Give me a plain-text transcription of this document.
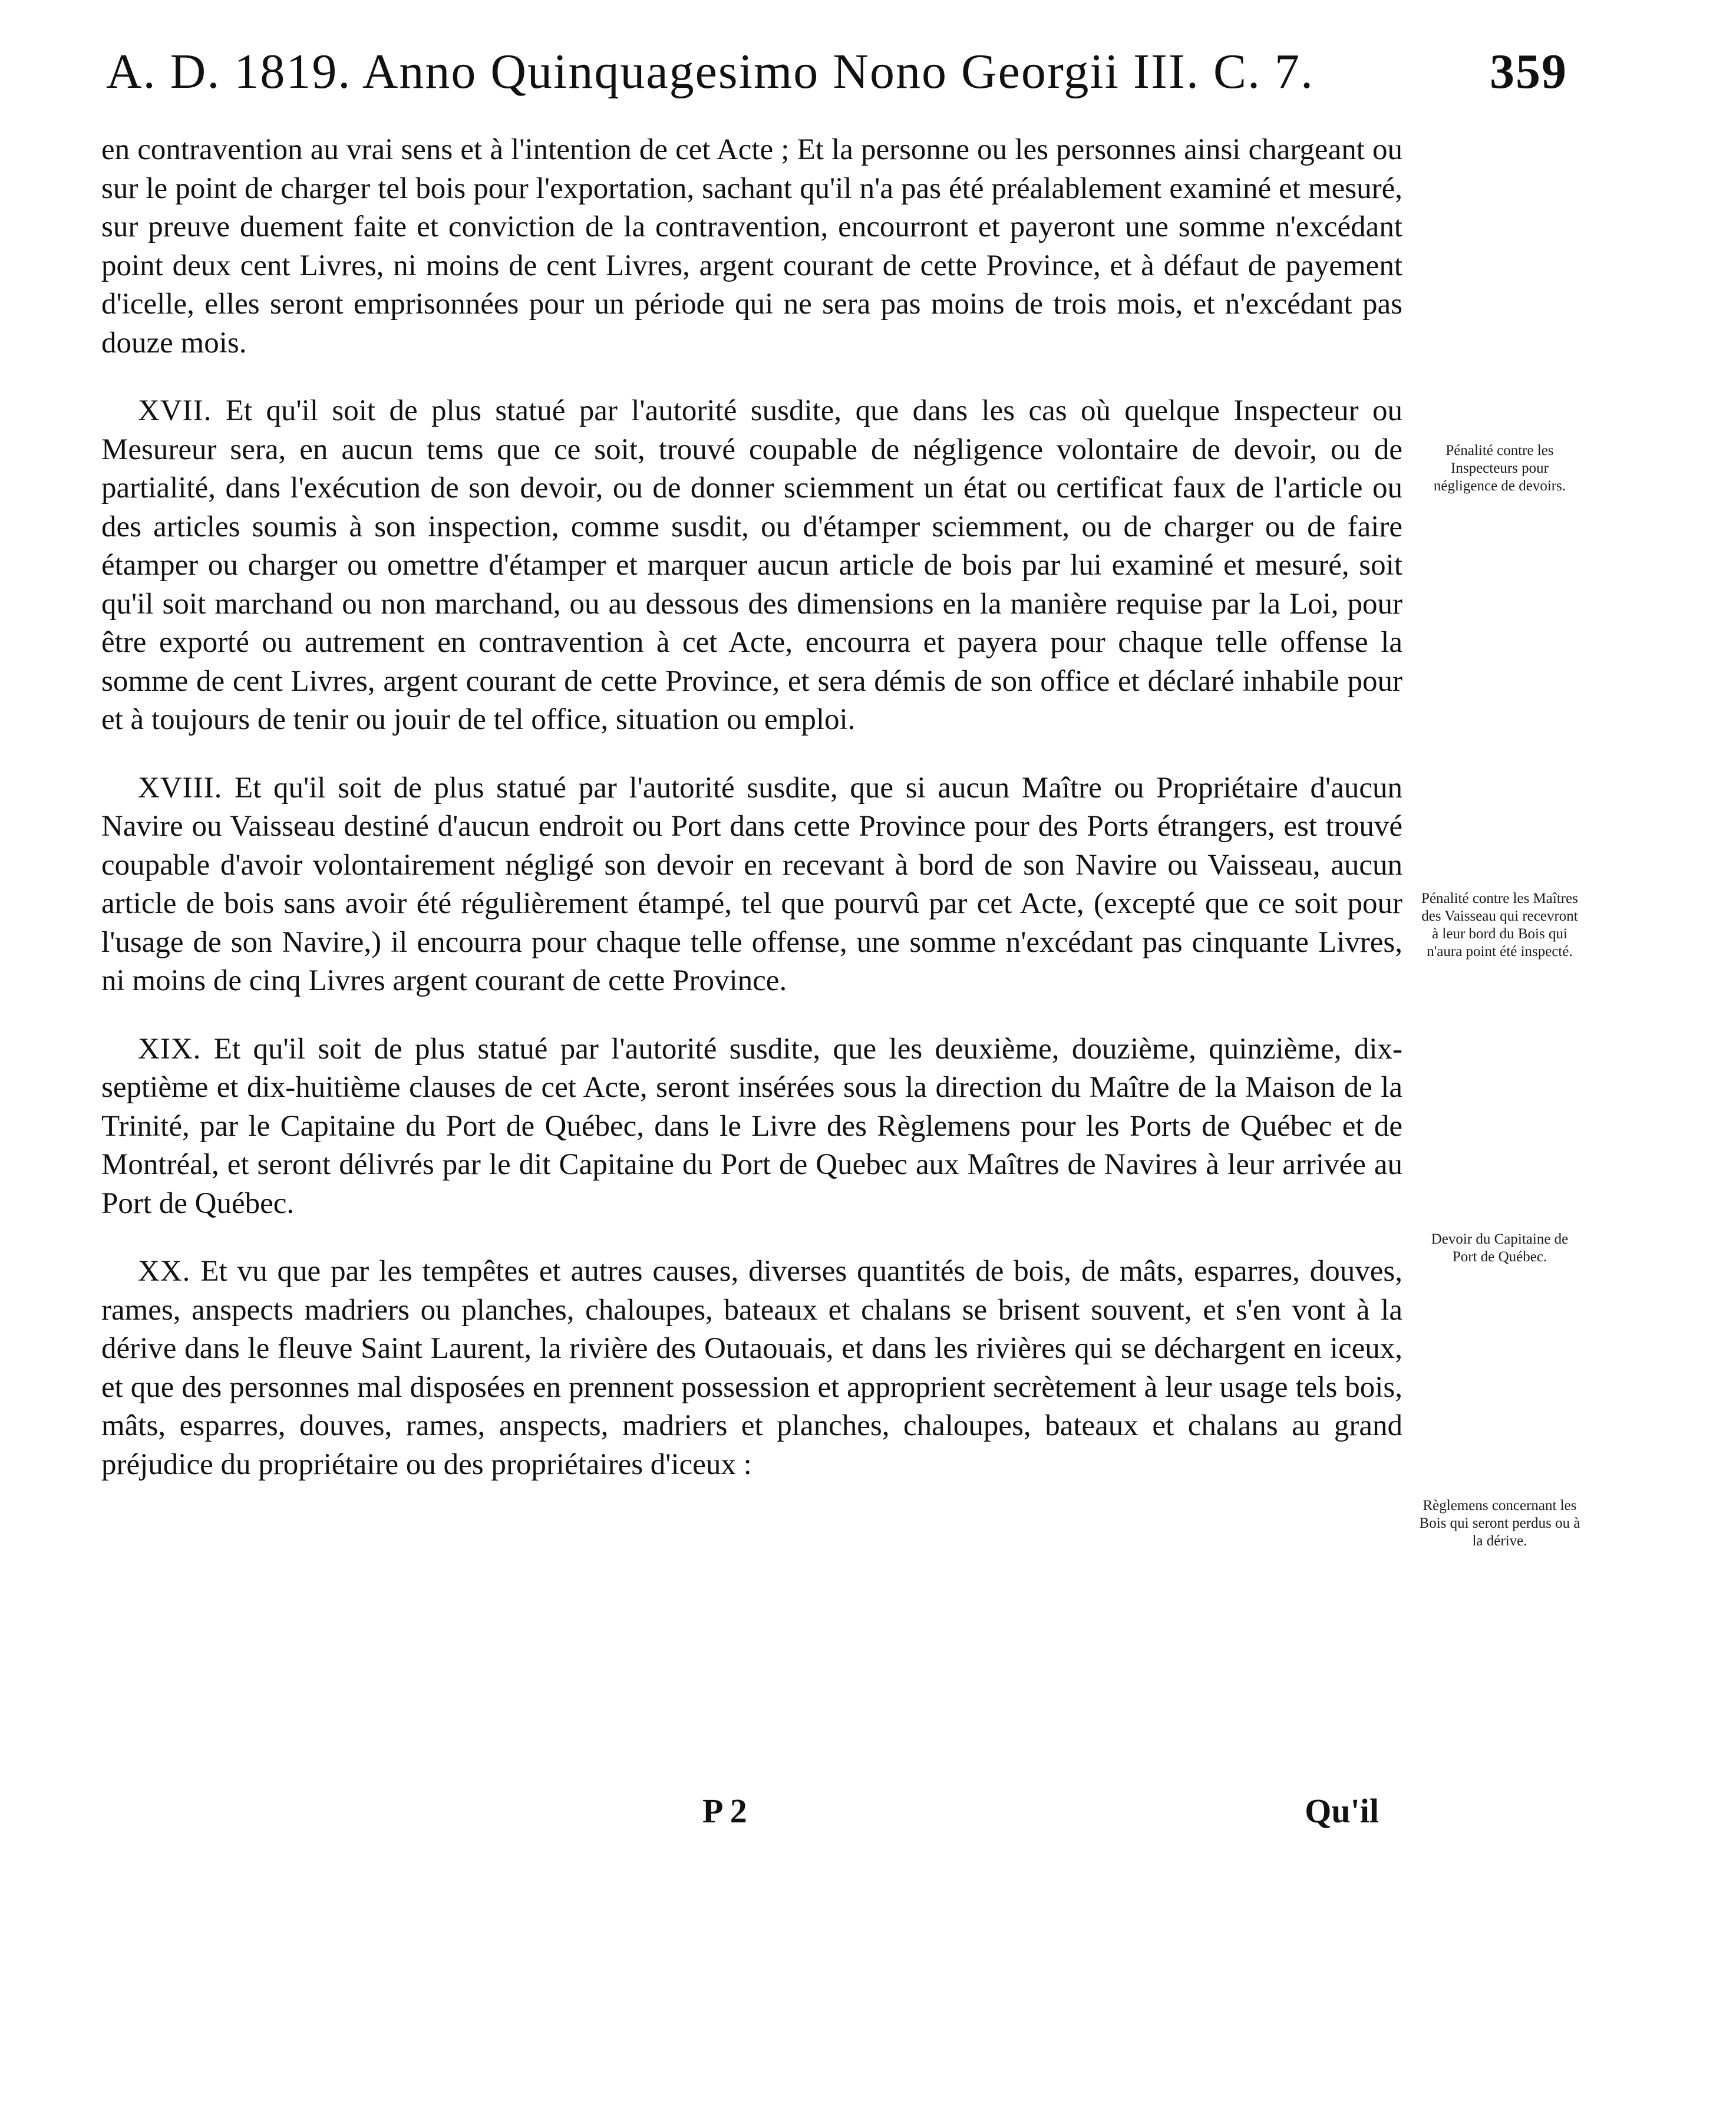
A. D. 1819. Anno Quinquagesimo Nono Georgii III. C. 7.	359

en contravention au vrai sens et à l'intention de cet Acte ; Et la personne ou les personnes ainsi chargeant ou sur le point de charger tel bois pour l'exportation, sachant qu'il n'a pas été préalablement examiné et mesuré, sur preuve duement faite et conviction de la contravention, encourront et payeront une somme n'excédant point deux cent Livres, ni moins de cent Livres, argent courant de cette Province, et à défaut de payement d'icelle, elles seront emprisonnées pour un période qui ne sera pas moins de trois mois, et n'excédant pas douze mois.

XVII. Et qu'il soit de plus statué par l'autorité susdite, que dans les cas où quelque Inspecteur ou Mesureur sera, en aucun tems que ce soit, trouvé coupable de négligence volontaire de devoir, ou de partialité, dans l'exécution de son devoir, ou de donner sciemment un état ou certificat faux de l'article ou des articles soumis à son inspection, comme susdit, ou d'étamper sciemment, ou de charger ou de faire étamper ou charger ou omettre d'étamper et marquer aucun article de bois par lui examiné et mesuré, soit qu'il soit marchand ou non marchand, ou au dessous des dimensions en la manière requise par la Loi, pour être exporté ou autrement en contravention à cet Acte, encourra et payera pour chaque telle offense la somme de cent Livres, argent courant de cette Province, et sera démis de son office et déclaré inhabile pour et à toujours de tenir ou jouir de tel office, situation ou emploi.

XVIII. Et qu'il soit de plus statué par l'autorité susdite, que si aucun Maître ou Propriétaire d'aucun Navire ou Vaisseau destiné d'aucun endroit ou Port dans cette Province pour des Ports étrangers, est trouvé coupable d'avoir volontairement négligé son devoir en recevant à bord de son Navire ou Vaisseau, aucun article de bois sans avoir été régulièrement étampé, tel que pourvû par cet Acte, (excepté que ce soit pour l'usage de son Navire,) il encourra pour chaque telle offense, une somme n'excédant pas cinquante Livres, ni moins de cinq Livres argent courant de cette Province.

XIX. Et qu'il soit de plus statué par l'autorité susdite, que les deuxième, douzième, quinzième, dix-septième et dix-huitième clauses de cet Acte, seront insérées sous la direction du Maître de la Maison de la Trinité, par le Capitaine du Port de Québec, dans le Livre des Règlemens pour les Ports de Québec et de Montréal, et seront délivrés par le dit Capitaine du Port de Quebec aux Maîtres de Navires à leur arrivée au Port de Québec.

XX. Et vu que par les tempêtes et autres causes, diverses quantités de bois, de mâts, esparres, douves, rames, anspects madriers ou planches, chaloupes, bateaux et chalans se brisent souvent, et s'en vont à la dérive dans le fleuve Saint Laurent, la rivière des Outaouais, et dans les rivières qui se déchargent en iceux, et que des personnes mal disposées en prennent possession et approprient secrètement à leur usage tels bois, mâts, esparres, douves, rames, anspects, madriers et planches, chaloupes, bateaux et chalans au grand préjudice du propriétaire ou des propriétaires d'iceux :

Pénalité contre les Inspecteurs pour négligence de devoirs.
Pénalité contre les Maîtres des Vaisseau qui recevront à leur bord du Bois qui n'aura point été inspecté.
Devoir du Capitaine de Port de Québec.
Règlemens concernant les Bois qui seront perdus ou à la dérive.
P 2	Qu'il
